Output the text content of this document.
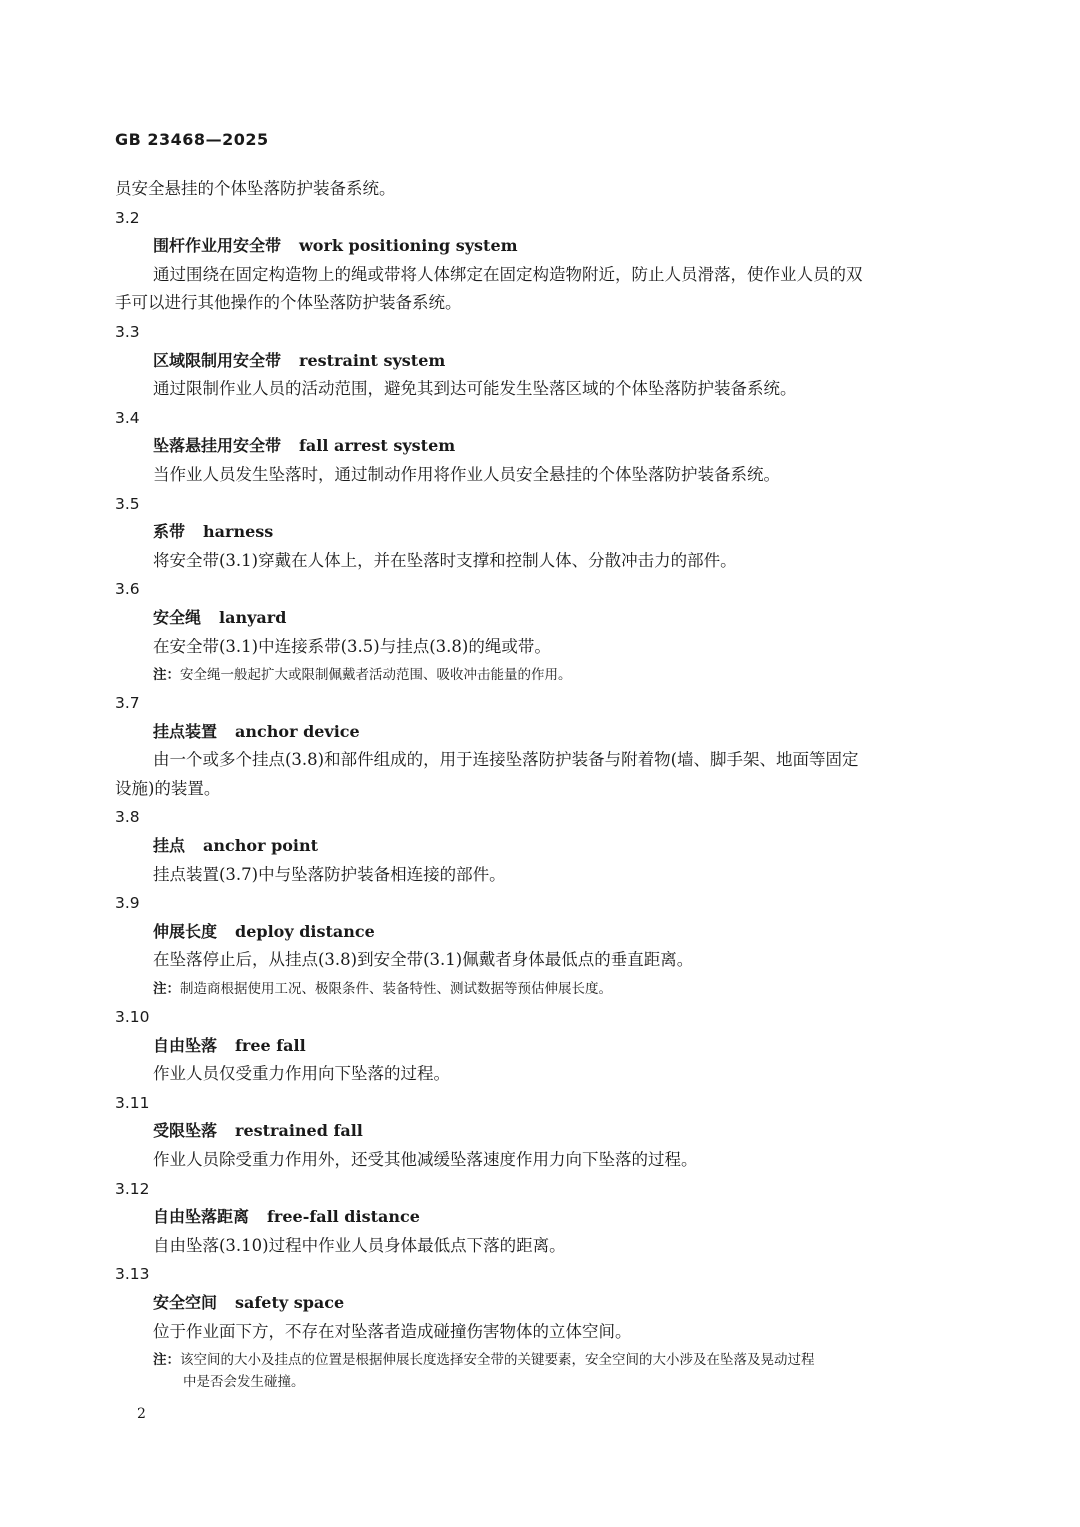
GB 23468—2025
员安全悬挂的个体坠落防护装备系统。
3.2
围杆作业用安全带 work positioning system
通过围绕在固定构造物上的绳或带将人体绑定在固定构造物附近，防止人员滑落，使作业人员的双
手可以进行其他操作的个体坠落防护装备系统。
3.3
区域限制用安全带 restraint system
通过限制作业人员的活动范围，避免其到达可能发生坠落区域的个体坠落防护装备系统。
3.4
坠落悬挂用安全带 fall arrest system
当作业人员发生坠落时，通过制动作用将作业人员安全悬挂的个体坠落防护装备系统。
3.5
系带 harness
将安全带(3.1)穿戴在人体上，并在坠落时支撑和控制人体、分散冲击力的部件。
3.6
安全绳 lanyard
在安全带(3.1)中连接系带(3.5)与挂点(3.8)的绳或带。
注：安全绳一般起扩大或限制佩戴者活动范围、吸收冲击能量的作用。
3.7
挂点装置 anchor device
由一个或多个挂点(3.8)和部件组成的，用于连接坠落防护装备与附着物(墙、脚手架、地面等固定
设施)的装置。
3.8
挂点 anchor point
挂点装置(3.7)中与坠落防护装备相连接的部件。
3.9
伸展长度 deploy distance
在坠落停止后，从挂点(3.8)到安全带(3.1)佩戴者身体最低点的垂直距离。
注：制造商根据使用工况、极限条件、装备特性、测试数据等预估伸展长度。
3.10
自由坠落 free fall
作业人员仅受重力作用向下坠落的过程。
3.11
受限坠落 restrained fall
作业人员除受重力作用外，还受其他减缓坠落速度作用力向下坠落的过程。
3.12
自由坠落距离 free-fall distance
自由坠落(3.10)过程中作业人员身体最低点下落的距离。
3.13
安全空间 safety space
位于作业面下方，不存在对坠落者造成碰撞伤害物体的立体空间。
注：该空间的大小及挂点的位置是根据伸展长度选择安全带的关键要素，安全空间的大小涉及在坠落及晃动过程
中是否会发生碰撞。
2
